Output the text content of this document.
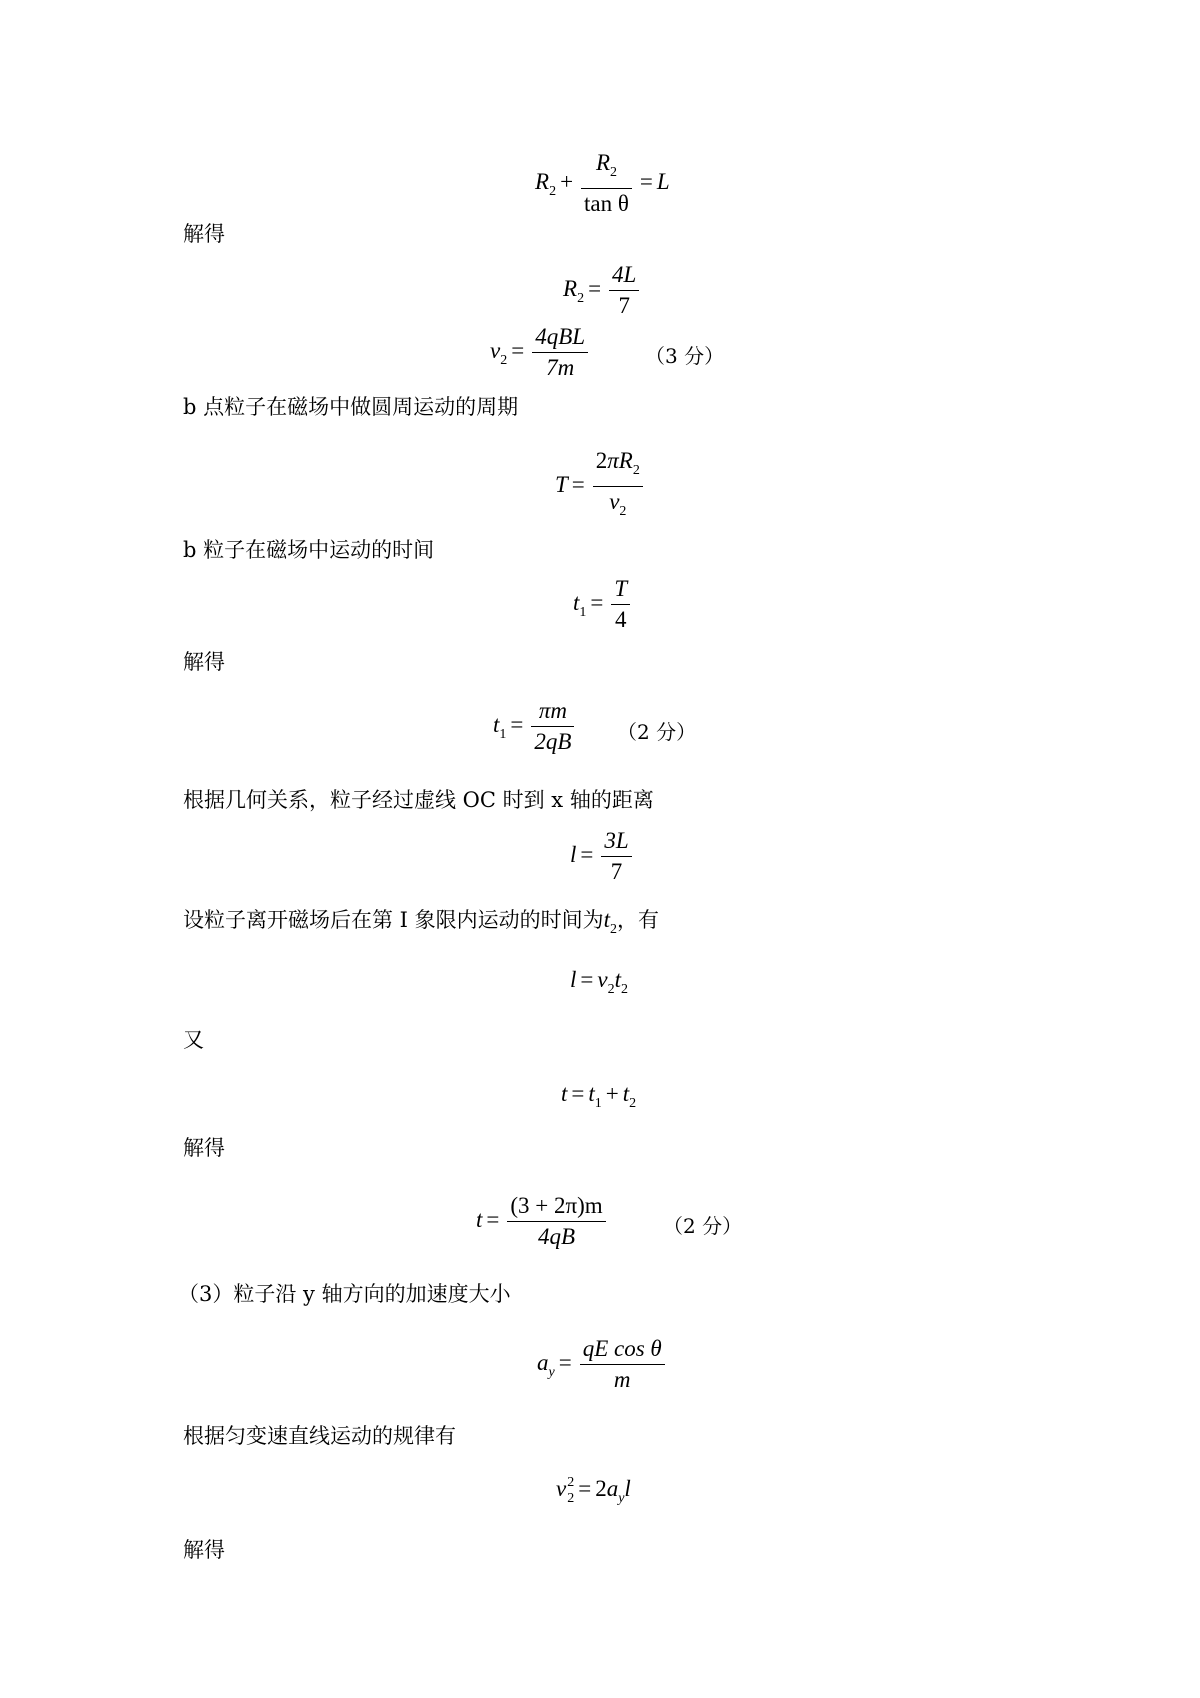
$R_2 + \frac{R_2}{\text{tan θ}} = L$
解得
$R_2 = \frac{4L}{7}$
$v_2 = \frac{\text{4qBL}}{7m}$	（3 分）
b 点粒子在磁场中做圆周运动的周期
$T = \frac{2\pi R_2}{v_2}$
b 粒子在磁场中运动的时间
$t_1 = \frac{T}{4}$
解得
$t_1 = \frac{\pi m}{2qB} (2$ 分）
根据几何关系，粒子经过虚线 OC 时到 x 轴的距离
$l = \frac{3L}{7}$
设粒子离开磁场后在第 I 象限内运动的时间为$t_2$，有
$l = v_2t_2$
又
$t = t_1 + t_2$
解得
$t = \frac{(3 + 2\pi)m}{4qB}$	（2 分）
（3）粒子沿 y 轴方向的加速度大小
$a_y = \frac{\text{qE cos θ}}{m}$
根据匀变速直线运动的规律有
v 2
$2 = 2a_yl$
解得
